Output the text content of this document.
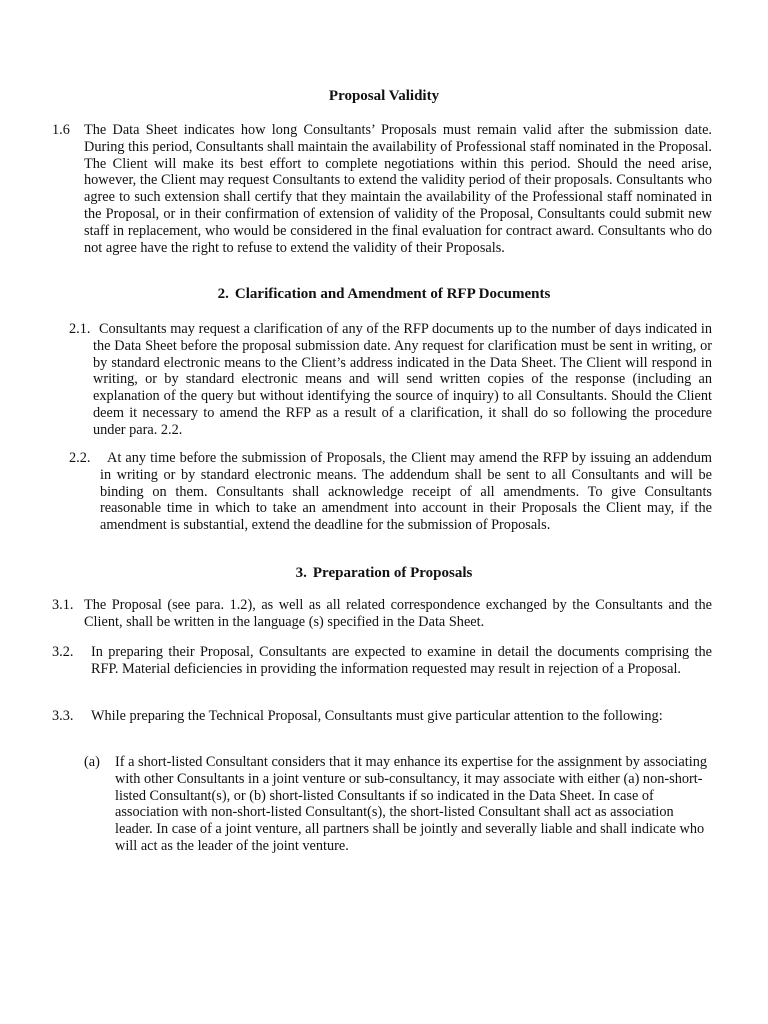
Proposal Validity
1.6 The Data Sheet indicates how long Consultants’ Proposals must remain valid after the submission date. During this period, Consultants shall maintain the availability of Professional staff nominated in the Proposal. The Client will make its best effort to complete negotiations within this period. Should the need arise, however, the Client may request Consultants to extend the validity period of their proposals. Consultants who agree to such extension shall certify that they maintain the availability of the Professional staff nominated in the Proposal, or in their confirmation of extension of validity of the Proposal, Consultants could submit new staff in replacement, who would be considered in the final evaluation for contract award. Consultants who do not agree have the right to refuse to extend the validity of their Proposals.

2. Clarification and Amendment of RFP Documents
2.1. Consultants may request a clarification of any of the RFP documents up to the number of days indicated in the Data Sheet before the proposal submission date. Any request for clarification must be sent in writing, or by standard electronic means to the Client’s address indicated in the Data Sheet. The Client will respond in writing, or by standard electronic means and will send written copies of the response (including an explanation of the query but without identifying the source of inquiry) to all Consultants. Should the Client deem it necessary to amend the RFP as a result of a clarification, it shall do so following the procedure under para. 2.2.

2.2.	At any time before the submission of Proposals, the Client may amend the RFP by issuing an addendum in writing or by standard electronic means. The addendum shall be sent to all Consultants and will be binding on them. Consultants shall acknowledge receipt of all amendments. To give Consultants reasonable time in which to take an amendment into account in their Proposals the Client may, if the amendment is substantial, extend the deadline for the submission of Proposals.

3. Preparation of Proposals
3.1. The Proposal (see para. 1.2), as well as all related correspondence exchanged by the Consultants and the Client, shall be written in the language (s) specified in the Data Sheet.

3.2. In preparing their Proposal, Consultants are expected to examine in detail the documents comprising the RFP. Material deficiencies in providing the information requested may result in rejection of a Proposal.

3.3. While preparing the Technical Proposal, Consultants must give particular attention to the following:

(a) If a short-listed Consultant considers that it may enhance its expertise for the assignment by associating with other Consultants in a joint venture or sub-consultancy, it may associate with either (a) non-short-listed Consultant(s), or (b) short-listed Consultants if so indicated in the Data Sheet. In case of association with non-short-listed Consultant(s), the short-listed Consultant shall act as association leader. In case of a joint venture, all partners shall be jointly and severally liable and shall indicate who will act as the leader of the joint venture.
